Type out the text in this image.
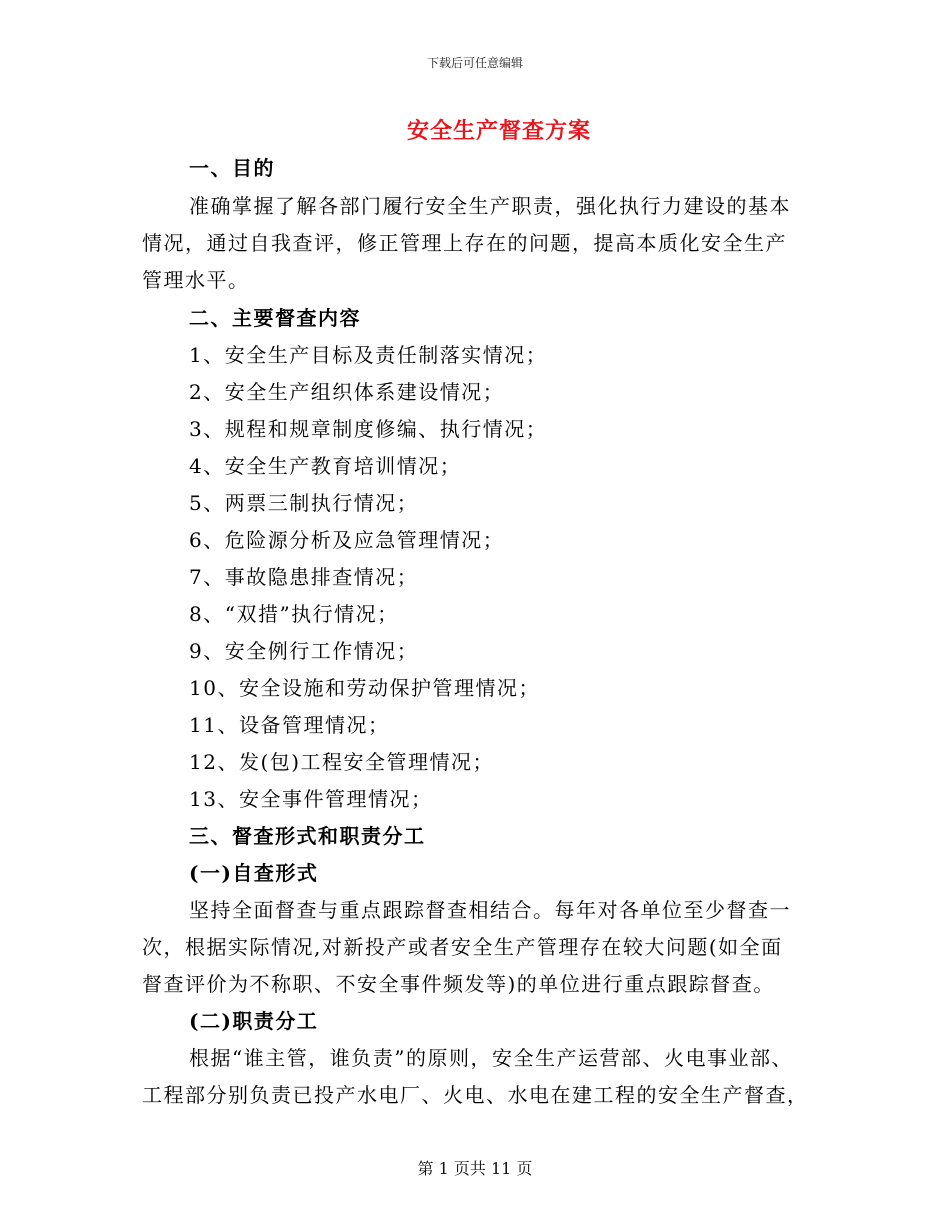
下载后可任意编辑
安全生产督查方案
一、目的
准确掌握了解各部门履行安全生产职责，强化执行力建设的基本
情况，通过自我查评，修正管理上存在的问题，提高本质化安全生产
管理水平。
二、主要督查内容
1、安全生产目标及责任制落实情况；
2、安全生产组织体系建设情况；
3、规程和规章制度修编、执行情况；
4、安全生产教育培训情况；
5、两票三制执行情况；
6、危险源分析及应急管理情况；
7、事故隐患排查情况；
8、“双措”执行情况；
9、安全例行工作情况；
10、安全设施和劳动保护管理情况；
11、设备管理情况；
12、发(包)工程安全管理情况；
13、安全事件管理情况；
三、督查形式和职责分工
(一)自查形式
坚持全面督查与重点跟踪督查相结合。每年对各单位至少督查一
次，根据实际情况,对新投产或者安全生产管理存在较大问题(如全面
督查评价为不称职、不安全事件频发等)的单位进行重点跟踪督查。
(二)职责分工
根据“谁主管，谁负责”的原则，安全生产运营部、火电事业部、
工程部分别负责已投产水电厂、火电、水电在建工程的安全生产督查，
第 1 页共 11 页
